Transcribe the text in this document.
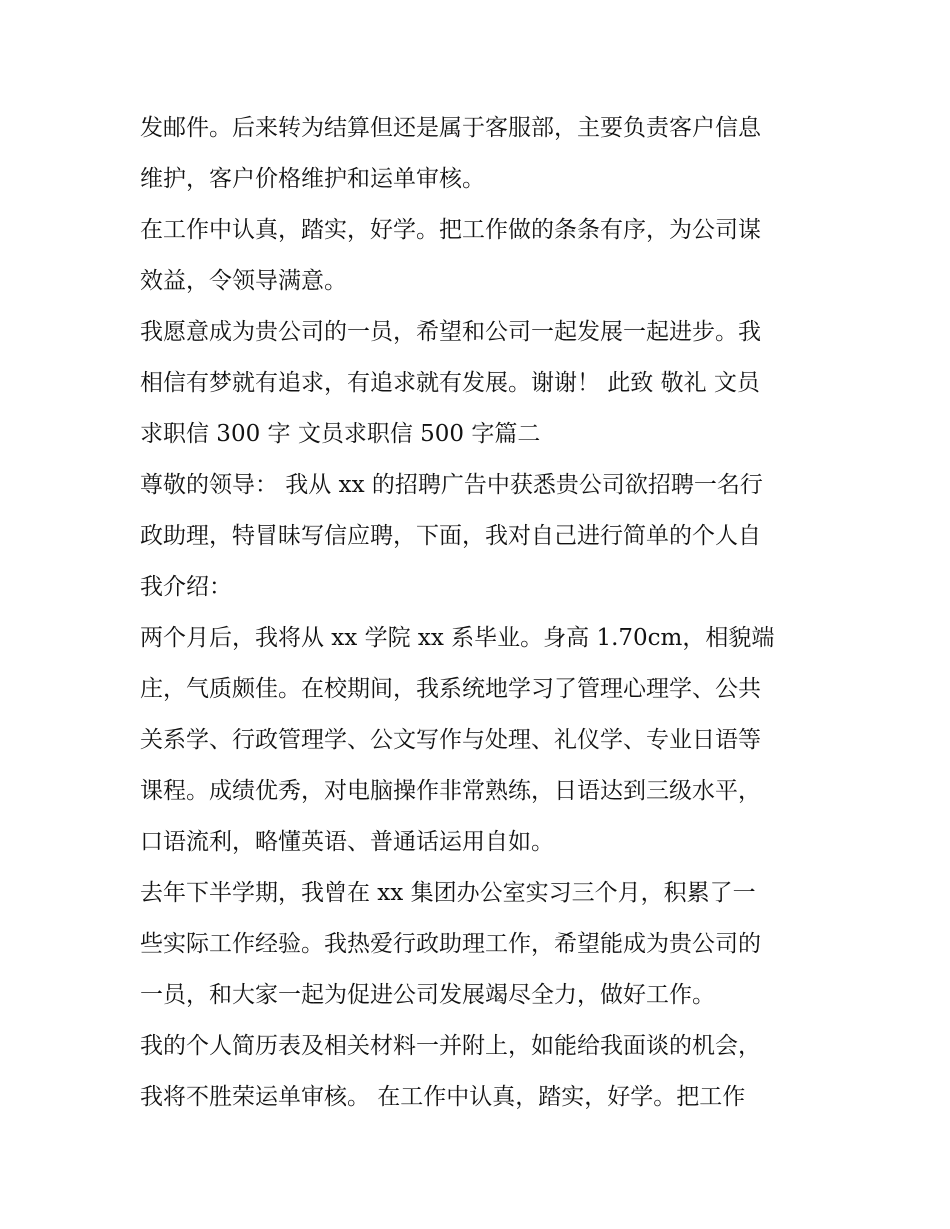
发邮件。后来转为结算但还是属于客服部，主要负责客户信息
维护，客户价格维护和运单审核。
在工作中认真，踏实，好学。把工作做的条条有序，为公司谋
效益，令领导满意。
我愿意成为贵公司的一员，希望和公司一起发展一起进步。我
相信有梦就有追求，有追求就有发展。谢谢！ 此致 敬礼 文员
求职信 300 字 文员求职信 500 字篇二
尊敬的领导： 我从 xx 的招聘广告中获悉贵公司欲招聘一名行
政助理，特冒昧写信应聘，下面，我对自己进行简单的个人自
我介绍：
两个月后，我将从 xx 学院 xx 系毕业。身高 1.70cm，相貌端
庄，气质颇佳。在校期间，我系统地学习了管理心理学、公共
关系学、行政管理学、公文写作与处理、礼仪学、专业日语等
课程。成绩优秀，对电脑操作非常熟练，日语达到三级水平，
口语流利，略懂英语、普通话运用自如。
去年下半学期，我曾在 xx 集团办公室实习三个月，积累了一
些实际工作经验。我热爱行政助理工作，希望能成为贵公司的
一员，和大家一起为促进公司发展竭尽全力，做好工作。
我的个人简历表及相关材料一并附上，如能给我面谈的机会，
我将不胜荣运单审核。 在工作中认真，踏实，好学。把工作
